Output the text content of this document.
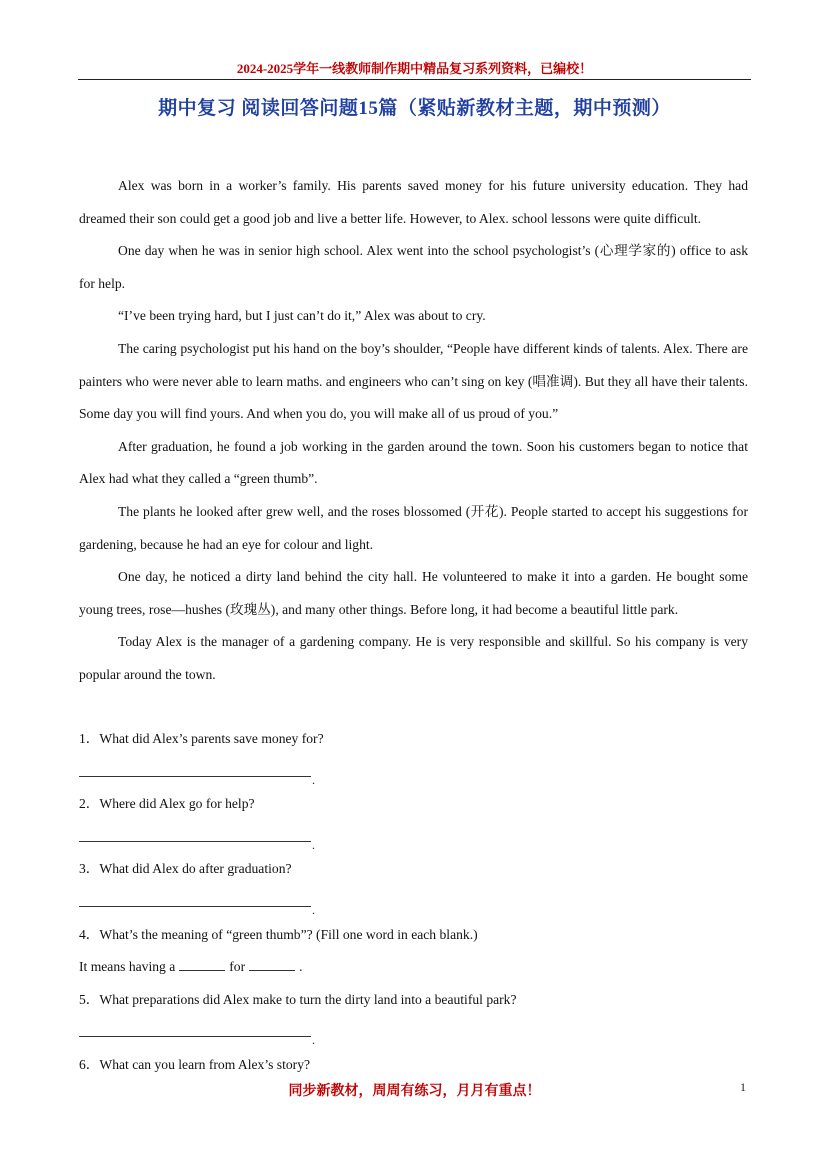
2024-2025学年一线教师制作期中精品复习系列资料，已编校！
期中复习 阅读回答问题15篇（紧贴新教材主题，期中预测）

Alex was born in a worker’s family. His parents saved money for his future university education. They had dreamed their son could get a good job and live a better life. However, to Alex. school lessons were quite difficult.

One day when he was in senior high school. Alex went into the school psychologist’s (心理学家的) office to ask for help.

“I’ve been trying hard, but I just can’t do it,” Alex was about to cry.

The caring psychologist put his hand on the boy’s shoulder, “People have different kinds of talents. Alex. There are painters who were never able to learn maths. and engineers who can’t sing on key (唱准调). But they all have their talents. Some day you will find yours. And when you do, you will make all of us proud of you.”

After graduation, he found a job working in the garden around the town. Soon his customers began to notice that Alex had what they called a “green thumb”.

The plants he looked after grew well, and the roses blossomed (开花). People started to accept his suggestions for gardening, because he had an eye for colour and light.

One day, he noticed a dirty land behind the city hall. He volunteered to make it into a garden. He bought some young trees, rose—hushes (玫瑰丛), and many other things. Before long, it had become a beautiful little park.

Today Alex is the manager of a gardening company. He is very responsible and skillful. So his company is very popular around the town.

1．What did Alex’s parents save money for?

.

2．Where did Alex go for help?

.

3．What did Alex do after graduation?

.

4．What’s the meaning of “green thumb”? (Fill one word in each blank.)

It means having a	for	.

5．What preparations did Alex make to turn the dirty land into a beautiful park?

.

6．What can you learn from Alex’s story?

同步新教材，周周有练习，月月有重点！	1
